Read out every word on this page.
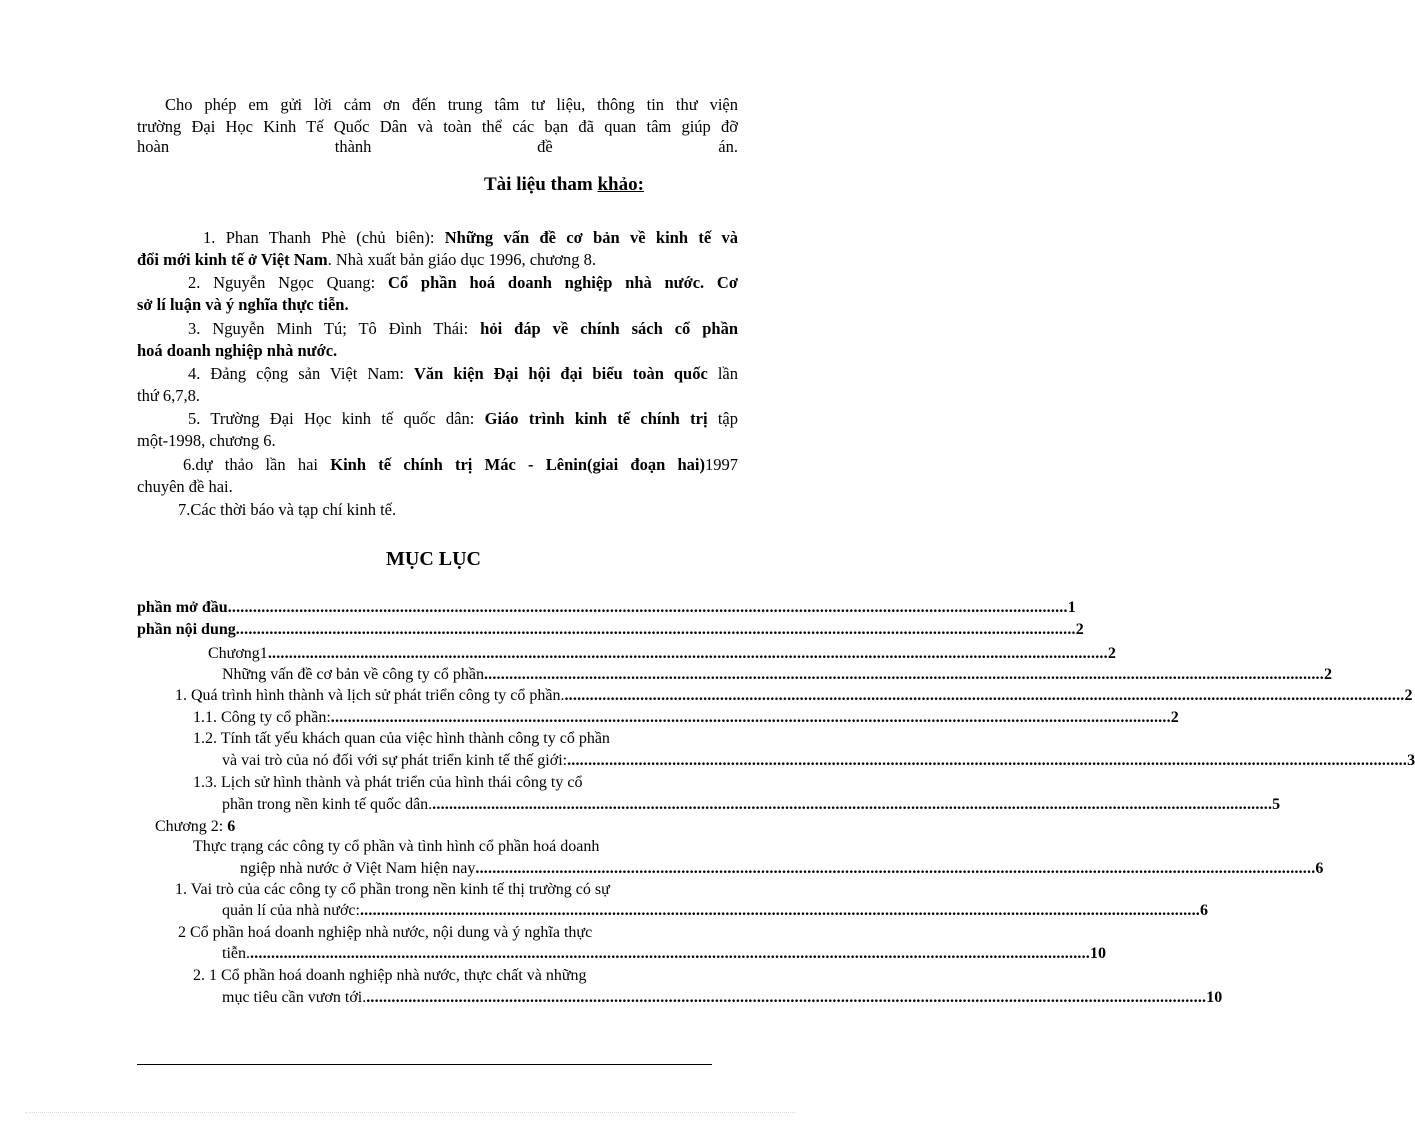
Cho phép em gửi lời cảm ơn đến trung tâm tư liệu, thông tin thư viện

trường Đại Học Kinh Tế Quốc Dân và toàn thể các bạn đã quan tâm giúp đỡ

hoàn	thành	đề	án.
Tài liệu tham khảo:
1. Phan Thanh Phè (chủ biên): Những vấn đề cơ bản về kinh tế và
đổi mới kinh tế ở Việt Nam. Nhà xuất bản giáo dục 1996, chương 8.
2. Nguyễn Ngọc Quang: Cổ phần hoá doanh nghiệp nhà nước. Cơ
sở lí luận và ý nghĩa thực tiễn.
3. Nguyễn Minh Tú; Tô Đình Thái: hỏi đáp về chính sách cổ phần
hoá doanh nghiệp nhà nước.
4. Đảng cộng sản Việt Nam: Văn kiện Đại hội đại biểu toàn quốc lần
thứ 6,7,8.
5. Trường Đại Học kinh tế quốc dân: Giáo trình kinh tế chính trị tập
một-1998, chương 6.
6.dự thảo lần hai Kinh tế chính trị Mác - Lênin(giai đoạn hai)1997
chuyên đề hai.
7.Các thời báo và tạp chí kinh tế.
MỤC LỤC
phần mở đầu ........................................................................................................................................................................................................ 1
phần nội dung ........................................................................................................................................................................................................ 2
Chương1 ........................................................................................................................................................................................................ 2
Những vấn đề cơ bản về công ty cổ phần ........................................................................................................................................................................................................ 2
1. Quá trình hình thành và lịch sử phát triển công ty cổ phần. ........................................................................................................................................................................................................ 2
1.1. Công ty cổ phần: ........................................................................................................................................................................................................ 2
1.2. Tính tất yếu khách quan của việc hình thành công ty cổ phần
và vai trò của nó đối với sự phát triển kinh tế thế giới: ........................................................................................................................................................................................................ 3
1.3. Lịch sử hình thành và phát triển của hình thái công ty cổ
phần trong nền kinh tế quốc dân. ........................................................................................................................................................................................................ 5
Chương 2: 6
Thực trạng các công ty cổ phần và tình hình cổ phần hoá doanh
ngiệp nhà nước ở Việt Nam hiện nay ........................................................................................................................................................................................................ 6
1. Vai trò của các công ty cổ phần trong nền kinh tế thị trường có sự
quản lí của nhà nước: ........................................................................................................................................................................................................ 6
2 Cổ phần hoá doanh nghiệp nhà nước, nội dung và ý nghĩa thực
tiễn. ........................................................................................................................................................................................................ 10
2. 1 Cổ phần hoá doanh nghiệp nhà nước, thực chất và những
mục tiêu cần vươn tới. ........................................................................................................................................................................................................ 10
